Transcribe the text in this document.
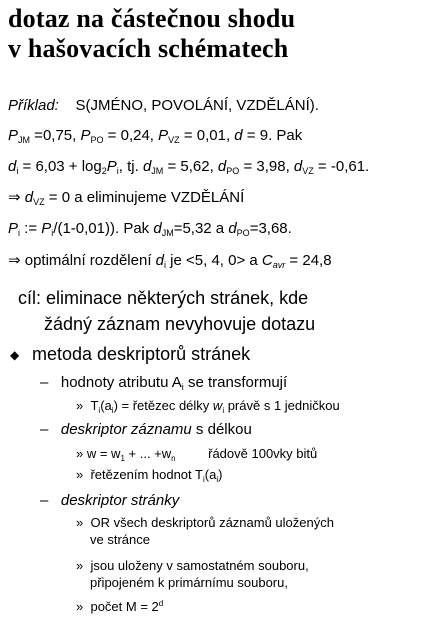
dotaz na částečnou shodu
v hašovacích schématech
Příklad: S(JMÉNO, POVOLÁNÍ, VZDĚLÁNÍ).
$P_{JM} =0,75$, $P_{PO} = 0,24$, $P_{VZ} = 0,01$, d = 9. Pak
$d_i = 6,03 + \log_2P_i$, tj. $d_{JM} = 5,62$, $d_{PO} = 3,98$, $d_{VZ} = -0,61$.
⇒ $d_{VZ} = 0$ a eliminujeme VZDĚLÁNÍ
$P_i$ := $P_i/(1-0,01)$). Pak $d_{JM}=5,32$ a $d_{PO}=3,68$.
⇒ optimální rozdělení $d_i$ je <5, 4, 0> a $C_{avr} = 24,8$
cíl: eliminace některých stránek, kde
žádný záznam nevyhovuje dotazu
◆ metoda deskriptorů stránek
– hodnoty atributu $A_i$ se transformují
» $T_i(a_i)$ = řetězec délky $w_i$ právě s 1 jedničkou
– deskriptor záznamu s délkou
» $w = w_1$ + ... $+w_n$	řádově 100vky bitů
» řetězením hodnot $T_i(a_i)$
– deskriptor stránky
» OR všech deskriptorů záznamů uložených
ve stránce
» jsou uloženy v samostatném souboru,
připojeném k primárnímu souboru,
» počet $M = 2^d$
